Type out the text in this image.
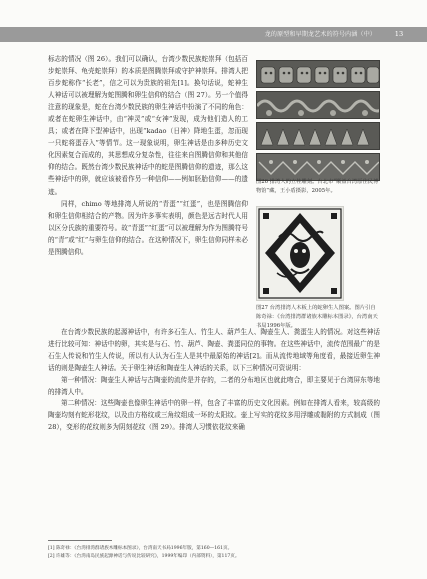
龙的原型和早期龙艺术的符号内涵（中）	13

标志的情况（图 26）。我们可以确认，台湾少数民族蛇崇拜（包括百步蛇崇拜、龟壳蛇崇拜）的本质是图腾崇拜或守护神崇拜。排湾人把百步蛇称作“长老”，信之可以为贵族的祖先[1]。换句话说，蛇神生人神话可以被理解为蛇图腾和卵生信仰的结合（图 27）。另一个值得注意的现象是，蛇在台湾少数民族的卵生神话中扮演了不同的角色：或者在蛇卵生神话中，由“神灵”或“女神”发现，成为他们造人的工具；或者在降下型神话中，出现“kadao（日神）降地生蛋，忽而现一只蛇将蛋吞入”等情节。这一现象说明，卵生神话是由多种历史文化因素复合而成的，其思想成分复杂性，往往来自图腾信仰和其他信仰的结合。既然台湾少数民族神话中的蛇是图腾信仰的遗迹，那么这些神话中的卵，就应该被看作另一种信仰——例如胚胎信仰——的遗迹。

同样，chimo 等地排湾人所说的“青蛋”“红蛋”，也是图腾信仰和卵生信仰相结合的产物。因为许多事实表明，颜色是远古时代人用以区分氏族的重要符号。故“青蛋”“红蛋”可以被理解为作为图腾符号的“青”或“红”与卵生信仰的结合。在这种情况下，卵生信仰同样未必是图腾信仰。

图26 排湾人的立柱雕刻。台北市“顺益台湾原住民博物馆”藏，王小盾摄影，2005年。
图27 台湾排湾人木板上的蛇卵生人图案。图片引自陈奇禄：《台湾排湾群诸族木雕标本图录》，台湾南天书局1996年版。

在台湾少数民族的起源神话中，有许多石生人、竹生人、葫芦生人、陶壶生人、粪蛋生人的情况。对这些神话进行比较可知：神话中的卵，其实是与石、竹、葫芦、陶壶、粪蛋同位的事物。在这些神话中，流传范围最广的是石生人传说和竹生人传说，所以有人认为石生人是其中最原始的神话[2]。而从流传地域等角度看，最接近卵生神话的则是陶壶生人神话。关于卵生神话和陶壶生人神话的关系，以下三种情况可资说明：

第一种情况：陶壶生人神话与古陶壶的流传是并存的，二者的分布地区也就此吻合，即主要见于台湾屏东等地的排湾人中。

第二种情况：这些陶壶也像卵生神话中的卵一样，包含了丰富的历史文化因素。例如在排湾人看来，较高级的陶壶均刻有蛇形花纹，以及由方格纹或三角纹组成一环的太阳纹。壶上写实的花纹多用浮雕或黏附的方式制成（图 28），变形的花纹则多为阴刻花纹（图 29）。排湾人习惯依花纹来确

[1] 陈奇禄：《台湾排湾群诸族木雕标本图录》，台湾南天书局1996年版，第160—161页。
[2] 许雄等：《台湾南岛民族起源神话与传说比较研究》，1999年编印（内部资料），第117页。
